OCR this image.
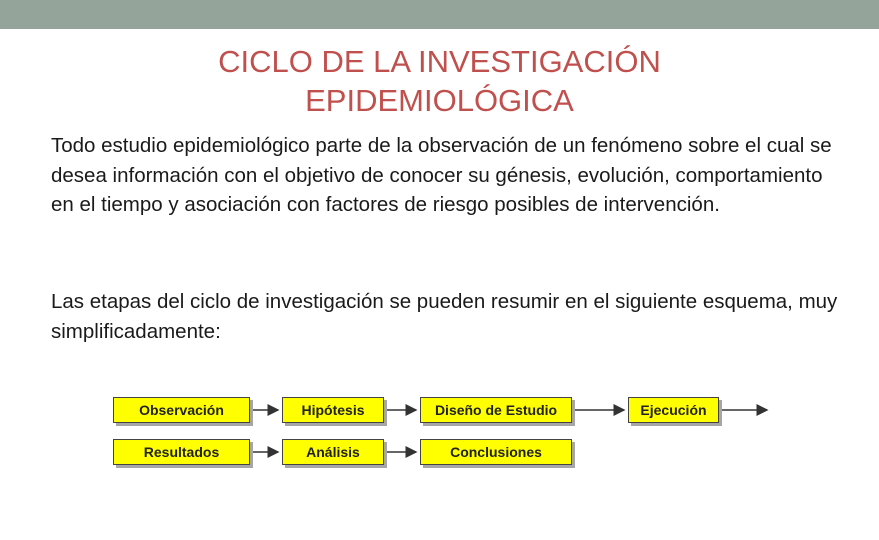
CICLO DE LA INVESTIGACIÓN
EPIDEMIOLÓGICA
Todo estudio epidemiológico parte de la observación de un fenómeno sobre el cual se desea información con el objetivo de conocer su génesis, evolución, comportamiento en el tiempo y asociación con factores de riesgo posibles de intervención.
Las etapas del ciclo de investigación se pueden resumir en el siguiente esquema, muy simplificadamente:
Observación	Hipótesis	Diseño de Estudio	Ejecución
Resultados	Análisis	Conclusiones
